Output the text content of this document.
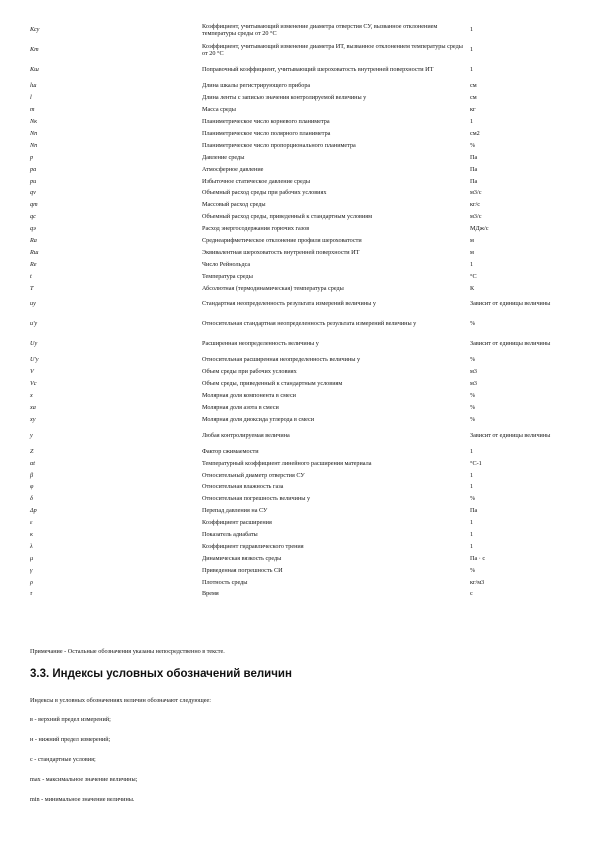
Ксу	Коэффициент, учитывающий изменение диаметра отверстия СУ, вызванное отклонением температуры среды от 20 °С	1
Кт	Коэффициент, учитывающий изменение диаметра ИТ, вызванное отклонением температуры среды от 20 °С	1
Кш	Поправочный коэффициент, учитывающий шероховатость внутренней поверхности ИТ	1
lш	Длина шкалы регистрирующего прибора	см
l	Длина ленты с записью значения контролируемой величины y	см
m	Масса среды	кг
Nк	Планиметрическое число корневого планиметра	1
Nп	Планиметрическое число полярного планиметра	см2
Nп	Планиметрическое число пропорционального планиметра	%
p	Давление среды	Па
pа	Атмосферное давление	Па
pи	Избыточное статическое давление среды	Па
qv	Объемный расход среды при рабочих условиях	м3/с
qm	Массовый расход среды	кг/с
qс	Объемный расход среды, приведенный к стандартным условиям	м3/с
qэ	Расход энергосодержания горючих газов	МДж/с
Ra	Среднеарифметическое отклонение профиля шероховатости	м
Rш	Эквивалентная шероховатость внутренней поверхности ИТ	м
Re	Число Рейнольдса	1
t	Температура среды	°С
T	Абсолютная (термодинамическая) температура среды	К
uy	Стандартная неопределенность результата измерений величины y	Зависит от единицы величины
u'y	Относительная стандартная неопределенность результата измерений величины y	%
Uy	Расширенная неопределенность величины y	Зависит от единицы величины
U'y	Относительная расширенная неопределенность величины y	%
V	Объем среды при рабочих условиях	м3
Vс	Объем среды, приведенный к стандартным условиям	м3
x	Молярная доля компонента в смеси	%
xa	Молярная доля азота в смеси	%
xy	Молярная доля диоксида углерода в смеси	%
y	Любая контролируемая величина	Зависит от единицы величины
Z	Фактор сжимаемости	1
αt	Температурный коэффициент линейного расширения материала	°С-1
β	Относительный диаметр отверстия СУ	1
φ	Относительная влажность газа	1
δ	Относительная погрешность величины y	%
Δp	Перепад давления на СУ	Па
ε	Коэффициент расширения	1
κ	Показатель адиабаты	1
λ	Коэффициент гидравлического трения	1
μ	Динамическая вязкость среды	Па · с
γ	Приведенная погрешность СИ	%
ρ	Плотность среды	кг/м3
τ	Время	с
Примечание - Остальные обозначения указаны непосредственно в тексте.
3.3. Индексы условных обозначений величин
Индексы в условных обозначениях величин обозначают следующее:
в - верхний предел измерений;
н - нижний предел измерений;
с - стандартные условия;
max - максимальное значение величины;
min - минимальное значение величины.
